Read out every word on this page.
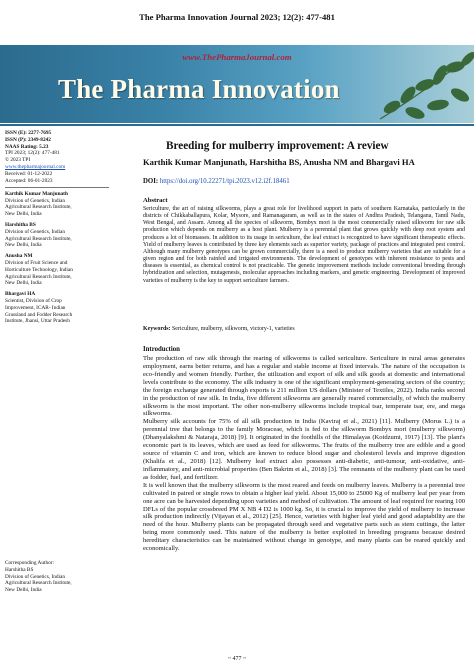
The Pharma Innovation Journal 2023; 12(2): 477-481
www.ThePharmaJournal.com
The Pharma Innovation
ISSN (E): 2277-7695
ISSN (P): 2349-8242
NAAS Rating: 5.23
TPI 2023; 12(2): 477-481
© 2023 TPI
www.thepharmajournal.com
Received: 01-12-2022
Accepted: 06-01-2023
Karthik Kumar Manjunath
Division of Genetics, Indian
Agricultural Research Institute,
New Delhi, India
Harshitha BS
Division of Genetics, Indian
Agricultural Research Institute,
New Delhi, India
Anusha NM
Division of Fruit Science and
Horticulture Technology, Indian
Agricultural Research Institute,
New Delhi, India
Bhargavi HA
Scientist, Division of Crop
Improvement, ICAR- Indian
Grassland and Fodder Research
Institute, Jhansi, Uttar Pradesh
Corresponding Author:
Harshitha BS
Division of Genetics, Indian
Agricultural Research Institute,
New Delhi, India
Breeding for mulberry improvement: A review
Karthik Kumar Manjunath, Harshitha BS, Anusha NM and Bhargavi HA
DOI: https://doi.org/10.22271/tpi.2023.v12.i2f.18461
Abstract
Sericulture, the art of raising silkworms, plays a great role for livelihood support in parts of southern Karnataka, particularly in the districts of Chikkaballapura, Kolar, Mysore, and Ramanagaram, as well as in the states of Andhra Pradesh, Telangana, Tamil Nadu, West Bengal, and Assam. Among all the species of silkworm, Bombyx mori is the most commercially raised silkworm for raw silk production which depends on mulberry as a host plant. Mulberry is a perennial plant that grows quickly with deep root system and produces a lot of biomasses. In addition to its usage in sericulture, the leaf extract is recognized to have significant therapeutic effects. Yield of mulberry leaves is contributed by three key elements such as superior variety, package of practices and integrated pest control. Although many mulberry genotypes can be grown commercially, there is a need to produce mulberry varieties that are suitable for a given region and for both rainfed and irrigated environments. The development of genotypes with inherent resistance to pests and diseases is essential, as chemical control is not practicable. The genetic improvement methods include conventional breeding through hybridization and selection, mutagenesis, molecular approaches including markers, and genetic engineering. Development of improved varieties of mulberry is the key to support sericulture farmers.
Keywords: Sericulture, mulberry, silkworm, victory-1, varieties
Introduction

The production of raw silk through the rearing of silkworms is called sericulture. Sericulture in rural areas generates employment, earns better returns, and has a regular and stable income at fixed intervals. The nature of the occupation is eco-friendly and women friendly. Further, the utilization and export of silk and silk goods at domestic and international levels contribute to the economy. The silk industry is one of the significant employment-generating sectors of the country; the foreign exchange generated through exports is 211 million US dollars (Minister of Textiles, 2022). India ranks second in the production of raw silk. In India, five different silkworms are generally reared commercially, of which the mulberry silkworm is the most important. The other non-mulberry silkworms include tropical tsar, temperate tsar, ere, and mega silkworms.

Mulberry silk accounts for 75% of all silk production in India (Kaviraj et al., 2021) [11]. Mulberry (Morus L.) is a perennial tree that belongs to the family Moraceae, which is fed to the silkworm Bombyx mori (mulberry silkworm) (Dhanyalakshmi & Nataraja, 2018) [9]. It originated in the foothills of the Himalayas (Koidzumi, 1917) [13]. The plant's economic part is its leaves, which are used as feed for silkworms. The fruits of the mulberry tree are edible and a good source of vitamin C and iron, which are known to reduce blood sugar and cholesterol levels and improve digestion (Khalifa et al., 2018) [12]. Mulberry leaf extract also possesses anti-diabetic, anti-tumour, anti-oxidative, anti-inflammatory, and anti-microbial properties (Ben Bakrim et al., 2018) [3]. The remnants of the mulberry plant can be used as fodder, fuel, and fertilizer.

It is well known that the mulberry silkworm is the most reared and feeds on mulberry leaves. Mulberry is a perennial tree cultivated in paired or single rows to obtain a higher leaf yield. About 15,000 to 25000 Kg of mulberry leaf per year from one acre can be harvested depending upon varieties and method of cultivation. The amount of leaf required for rearing 100 DFLs of the popular crossbreed PM X NB 4 D2 is 1000 kg. So, it is crucial to improve the yield of mulberry to increase silk production indirectly (Vijayan et al., 2012) [25]. Hence, varieties with higher leaf yield and good adaptability are the need of the hour. Mulberry plants can be propagated through seed and vegetative parts such as stem cuttings, the latter being more commonly used. This nature of the mulberry is better exploited in breeding programs because desired hereditary characteristics can be maintained without change in genotype, and many plants can be reared quickly and economically.

~ 477 ~
